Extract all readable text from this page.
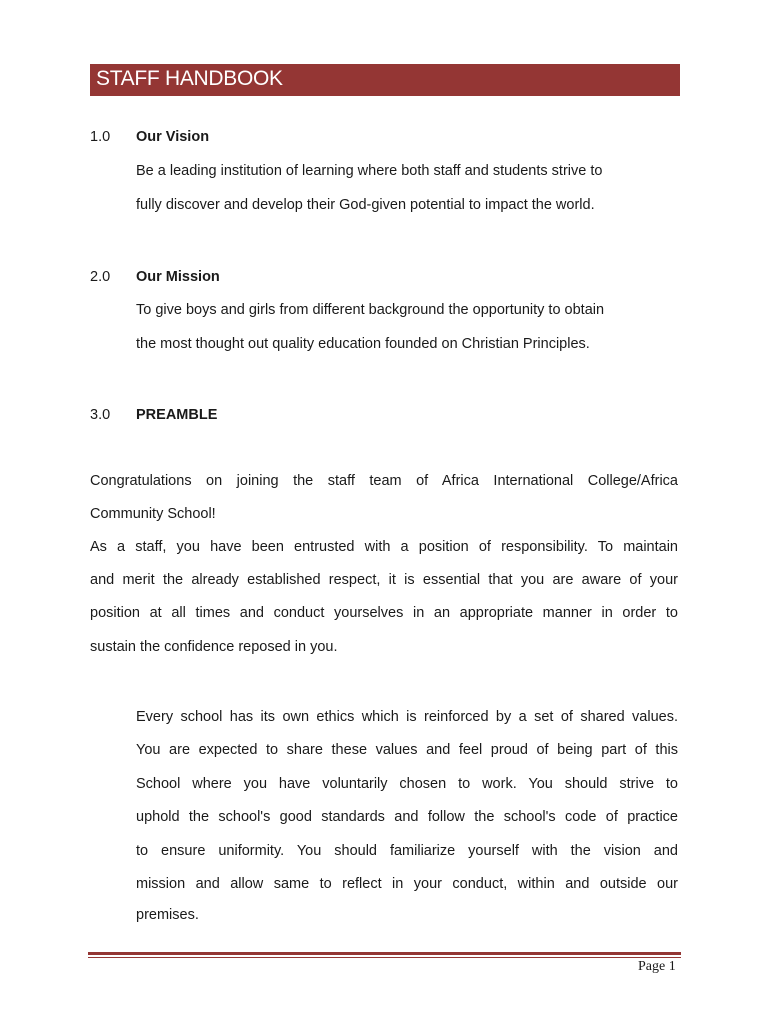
STAFF HANDBOOK
1.0 Our Vision
Be a leading institution of learning where both staff and students strive to
fully discover and develop their God-given potential to impact the world.
2.0 Our Mission
To give boys and girls from different background the opportunity to obtain
the most thought out quality education founded on Christian Principles.
3.0 PREAMBLE
Congratulations on joining the staff team of Africa International College/Africa
Community School!
As a staff, you have been entrusted with a position of responsibility. To maintain
and merit the already established respect, it is essential that you are aware of your
position at all times and conduct yourselves in an appropriate manner in order to
sustain the confidence reposed in you.
Every school has its own ethics which is reinforced by a set of shared values.
You are expected to share these values and feel proud of being part of this
School where you have voluntarily chosen to work. You should strive to
uphold the school's good standards and follow the school's code of practice
to ensure uniformity. You should familiarize yourself with the vision and
mission and allow same to reflect in your conduct, within and outside our
premises.
Page 1
